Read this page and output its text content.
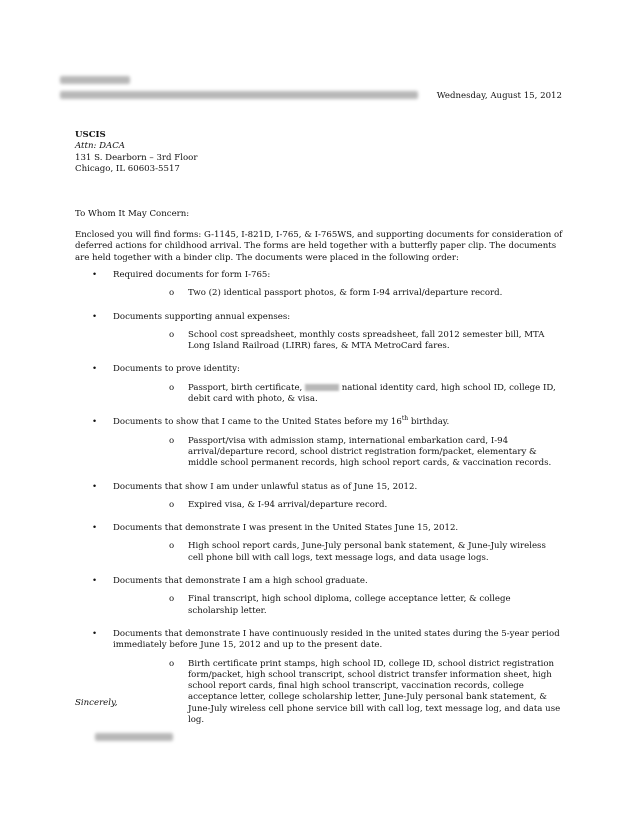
Wednesday, August 15, 2012
USCIS
Attn: DACA
131 S. Dearborn – 3rd Floor
Chicago, IL 60603-5517
To Whom It May Concern:
Enclosed you will find forms: G-1145, I-821D, I-765, & I-765WS, and supporting documents for consideration of deferred actions for childhood arrival. The forms are held together with a butterfly paper clip. The documents are held together with a binder clip. The documents were placed in the following order:
• Required documents for form I-765:
o Two (2) identical passport photos, & form I-94 arrival/departure record.
• Documents supporting annual expenses:
o School cost spreadsheet, monthly costs spreadsheet, fall 2012 semester bill, MTA Long Island Railroad (LIRR) fares, & MTA MetroCard fares.
• Documents to prove identity:
o Passport, birth certificate,	national identity card, high school ID, college ID, debit card with photo, & visa.
• Documents to show that I came to the United States before my 16th birthday.
o Passport/visa with admission stamp, international embarkation card, I-94 arrival/departure record, school district registration form/packet, elementary & middle school permanent records, high school report cards, & vaccination records.
• Documents that show I am under unlawful status as of June 15, 2012.
o Expired visa, & I-94 arrival/departure record.
• Documents that demonstrate I was present in the United States June 15, 2012.
o High school report cards, June-July personal bank statement, & June-July wireless cell phone bill with call logs, text message logs, and data usage logs.
• Documents that demonstrate I am a high school graduate.
o Final transcript, high school diploma, college acceptance letter, & college scholarship letter.
• Documents that demonstrate I have continuously resided in the united states during the 5-year period immediately before June 15, 2012 and up to the present date.
o Birth certificate print stamps, high school ID, college ID, school district registration form/packet, high school transcript, school district transfer information sheet, high school report cards, final high school transcript, vaccination records, college acceptance letter, college scholarship letter, June-July personal bank statement, & June-July wireless cell phone service bill with call log, text message log, and data use log.
Sincerely,
